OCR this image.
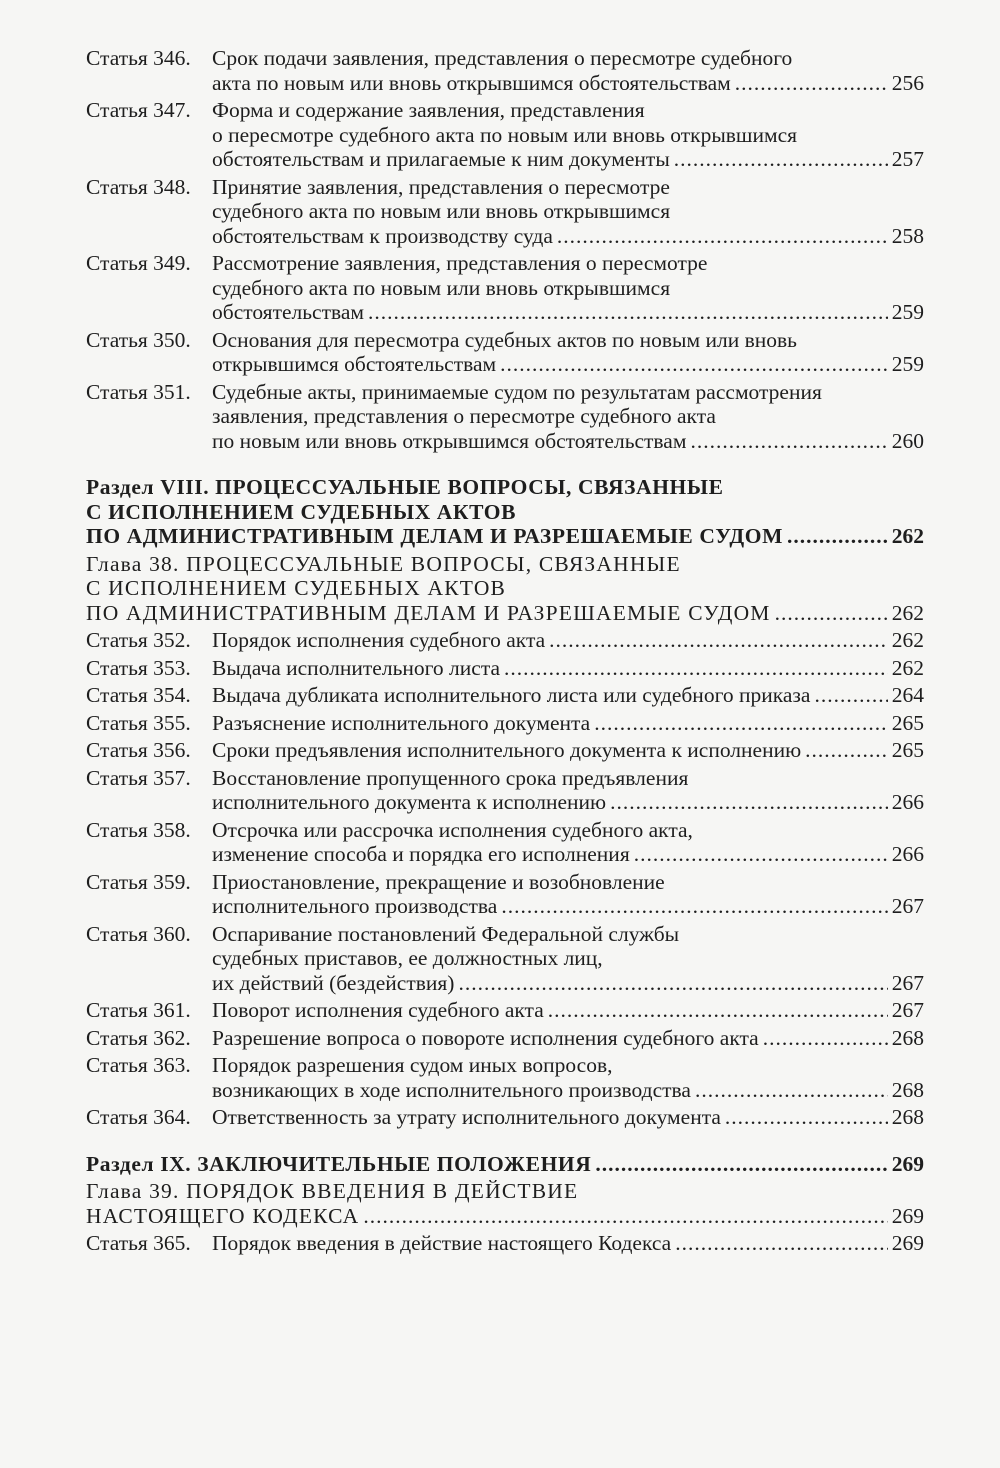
Статья 346. Срок подачи заявления, представления о пересмотре судебного
акта по новым или вновь открывшимся обстоятельствам .....	256
Статья 347. Форма и содержание заявления, представления
о пересмотре судебного акта по новым или вновь открывшимся
обстоятельствам и прилагаемые к ним документы .....	257
Статья 348. Принятие заявления, представления о пересмотре
судебного акта по новым или вновь открывшимся
обстоятельствам к производству суда .....	258
Статья 349. Рассмотрение заявления, представления о пересмотре
судебного акта по новым или вновь открывшимся
обстоятельствам .....	259
Статья 350. Основания для пересмотра судебных актов по новым или вновь
открывшимся обстоятельствам .....	259
Статья 351. Судебные акты, принимаемые судом по результатам рассмотрения
заявления, представления о пересмотре судебного акта
по новым или вновь открывшимся обстоятельствам .....	260
Раздел VIII. ПРОЦЕССУАЛЬНЫЕ ВОПРОСЫ, СВЯЗАННЫЕ
С ИСПОЛНЕНИЕМ СУДЕБНЫХ АКТОВ
ПО АДМИНИСТРАТИВНЫМ ДЕЛАМ И РАЗРЕШАЕМЫЕ СУДОМ .....	262
Глава 38. ПРОЦЕССУАЛЬНЫЕ ВОПРОСЫ, СВЯЗАННЫЕ
С ИСПОЛНЕНИЕМ СУДЕБНЫХ АКТОВ
ПО АДМИНИСТРАТИВНЫМ ДЕЛАМ И РАЗРЕШАЕМЫЕ СУДОМ .....	262
Статья 352. Порядок исполнения судебного акта .....	262
Статья 353. Выдача исполнительного листа .....	262
Статья 354. Выдача дубликата исполнительного листа или судебного приказа .....	264
Статья 355. Разъяснение исполнительного документа .....	265
Статья 356. Сроки предъявления исполнительного документа к исполнению .....	265
Статья 357. Восстановление пропущенного срока предъявления
исполнительного документа к исполнению .....	266
Статья 358. Отсрочка или рассрочка исполнения судебного акта,
изменение способа и порядка его исполнения .....	266
Статья 359. Приостановление, прекращение и возобновление
исполнительного производства .....	267
Статья 360. Оспаривание постановлений Федеральной службы
судебных приставов, ее должностных лиц,
их действий (бездействия) .....	267
Статья 361. Поворот исполнения судебного акта .....	267
Статья 362. Разрешение вопроса о повороте исполнения судебного акта .....	268
Статья 363. Порядок разрешения судом иных вопросов,
возникающих в ходе исполнительного производства .....	268
Статья 364. Ответственность за утрату исполнительного документа .....	268
Раздел IX. ЗАКЛЮЧИТЕЛЬНЫЕ ПОЛОЖЕНИЯ .....	269
Глава 39. ПОРЯДОК ВВЕДЕНИЯ В ДЕЙСТВИЕ
НАСТОЯЩЕГО КОДЕКСА .....	269
Статья 365. Порядок введения в действие настоящего Кодекса .....	269
